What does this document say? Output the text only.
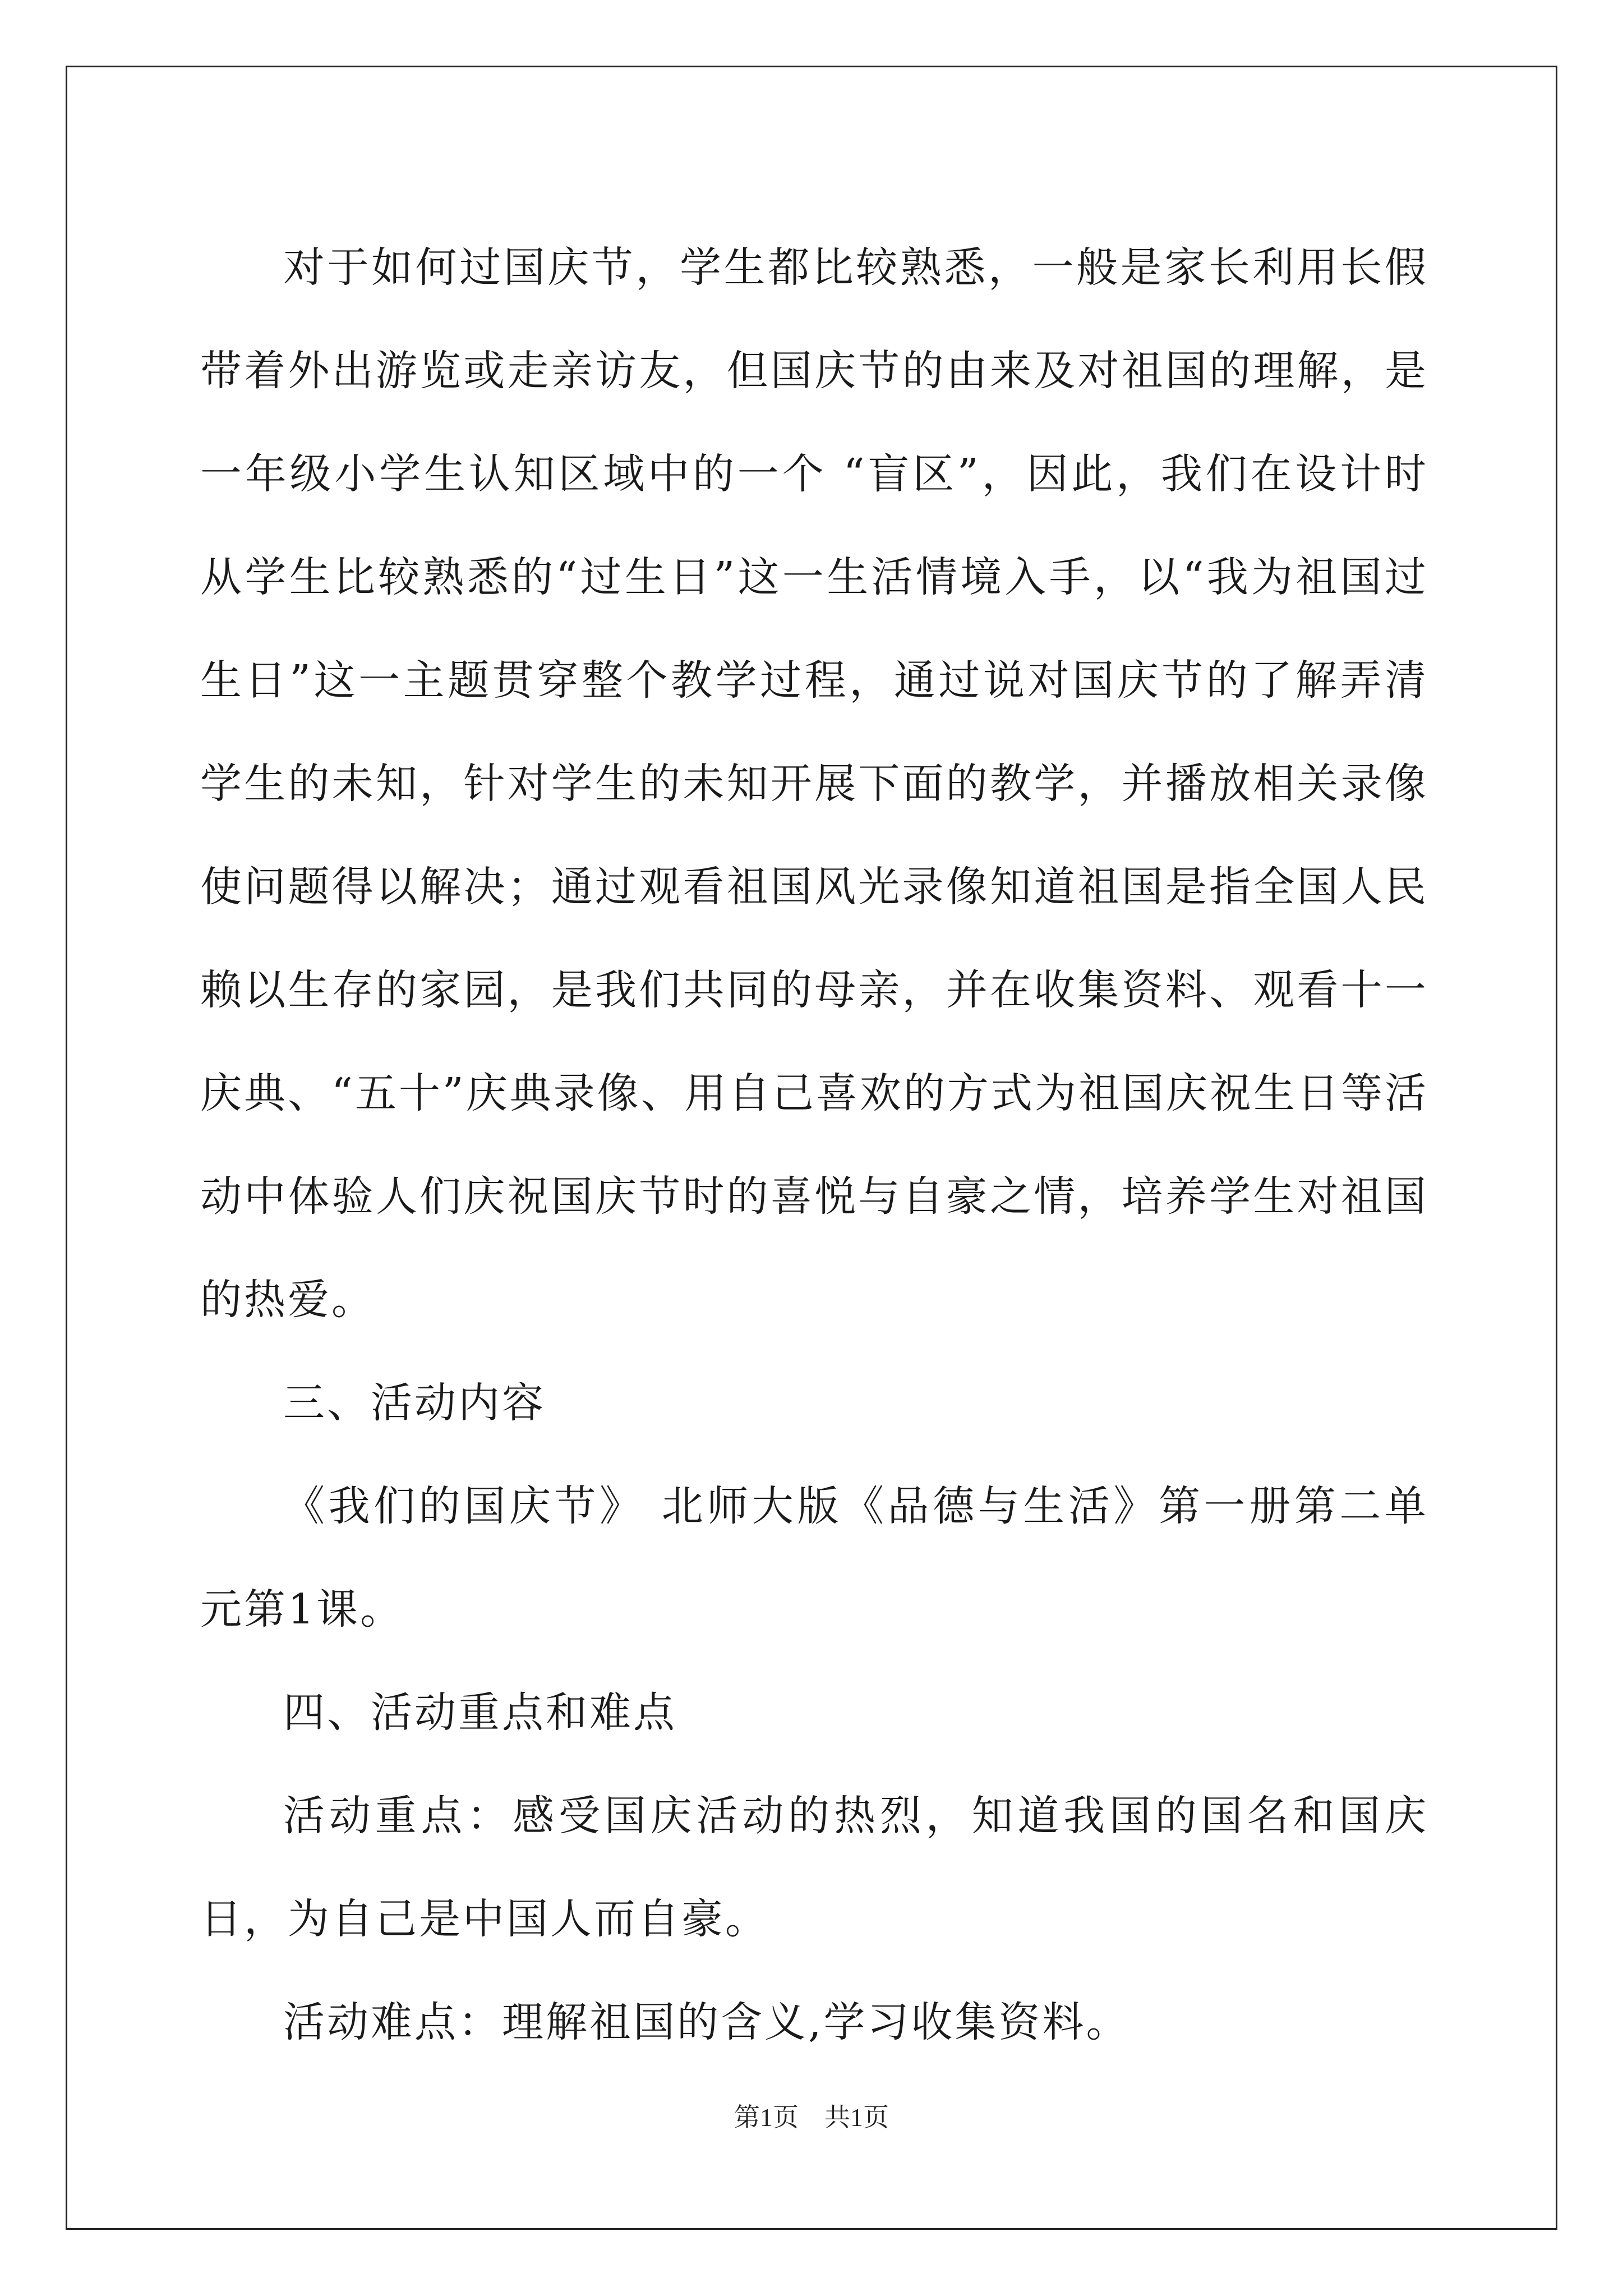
对于如何过国庆节，学生都比较熟悉，一般是家长利用长假带着外出游览或走亲访友，但国庆节的由来及对祖国的理解，是一年级小学生认知区域中的一个 “盲区”，因此，我们在设计时从学生比较熟悉的“过生日”这一生活情境入手，以“我为祖国过生日”这一主题贯穿整个教学过程，通过说对国庆节的了解弄清学生的未知，针对学生的未知开展下面的教学，并播放相关录像使问题得以解决；通过观看祖国风光录像知道祖国是指全国人民赖以生存的家园，是我们共同的母亲，并在收集资料、观看十一庆典、“五十”庆典录像、用自己喜欢的方式为祖国庆祝生日等活动中体验人们庆祝国庆节时的喜悦与自豪之情，培养学生对祖国的热爱。

三、活动内容

《我们的国庆节》 北师大版《品德与生活》第一册第二单元第1课。

四、活动重点和难点

活动重点：感受国庆活动的热烈，知道我国的国名和国庆日，为自己是中国人而自豪。

活动难点：理解祖国的含义,学习收集资料。

第1页　共1页
